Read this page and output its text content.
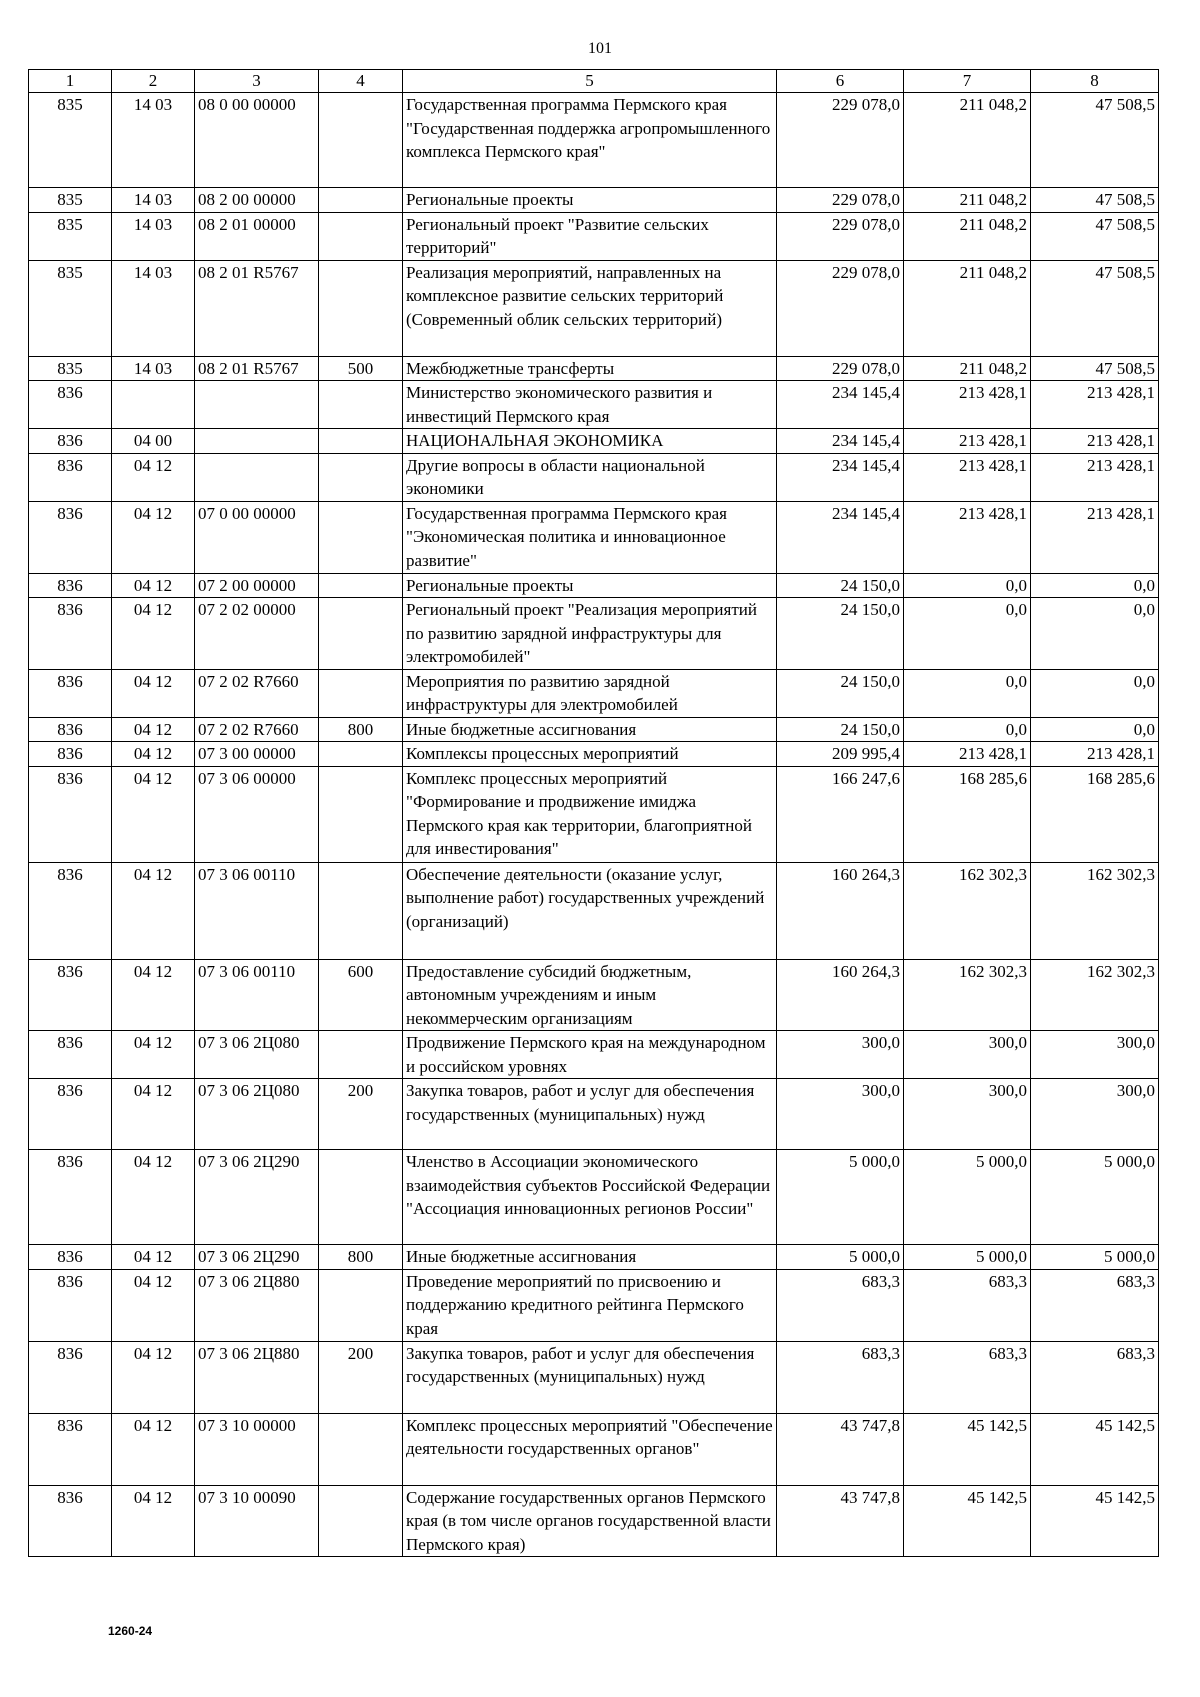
101
1	2	3	4	5	6	7	8
835	14 03	08 0 00 00000		Государственная программа Пермского края "Государственная поддержка агропромышленного комплекса Пермского края"	229 078,0	211 048,2	47 508,5
835	14 03	08 2 00 00000		Региональные проекты	229 078,0	211 048,2	47 508,5
835	14 03	08 2 01 00000		Региональный проект "Развитие сельских территорий"	229 078,0	211 048,2	47 508,5
835	14 03	08 2 01 R5767		Реализация мероприятий, направленных на комплексное развитие сельских территорий (Современный облик сельских территорий)	229 078,0	211 048,2	47 508,5
835	14 03	08 2 01 R5767	500	Межбюджетные трансферты	229 078,0	211 048,2	47 508,5
836				Министерство экономического развития и инвестиций Пермского края	234 145,4	213 428,1	213 428,1
836	04 00			НАЦИОНАЛЬНАЯ ЭКОНОМИКА	234 145,4	213 428,1	213 428,1
836	04 12			Другие вопросы в области национальной экономики	234 145,4	213 428,1	213 428,1
836	04 12	07 0 00 00000		Государственная программа Пермского края "Экономическая политика и инновационное развитие"	234 145,4	213 428,1	213 428,1
836	04 12	07 2 00 00000		Региональные проекты	24 150,0	0,0	0,0
836	04 12	07 2 02 00000		Региональный проект "Реализация мероприятий по развитию зарядной инфраструктуры для электромобилей"	24 150,0	0,0	0,0
836	04 12	07 2 02 R7660		Мероприятия по развитию зарядной инфраструктуры для электромобилей	24 150,0	0,0	0,0
836	04 12	07 2 02 R7660	800	Иные бюджетные ассигнования	24 150,0	0,0	0,0
836	04 12	07 3 00 00000		Комплексы процессных мероприятий	209 995,4	213 428,1	213 428,1
836	04 12	07 3 06 00000		Комплекс процессных мероприятий "Формирование и продвижение имиджа Пермского края как территории, благоприятной для инвестирования"	166 247,6	168 285,6	168 285,6
836	04 12	07 3 06 00110		Обеспечение деятельности (оказание услуг, выполнение работ) государственных учреждений (организаций)	160 264,3	162 302,3	162 302,3
836	04 12	07 3 06 00110	600	Предоставление субсидий бюджетным, автономным учреждениям и иным некоммерческим организациям	160 264,3	162 302,3	162 302,3
836	04 12	07 3 06 2Ц080		Продвижение Пермского края на международном и российском уровнях	300,0	300,0	300,0
836	04 12	07 3 06 2Ц080	200	Закупка товаров, работ и услуг для обеспечения государственных (муниципальных) нужд	300,0	300,0	300,0
836	04 12	07 3 06 2Ц290		Членство в Ассоциации экономического взаимодействия субъектов Российской Федерации "Ассоциация инновационных регионов России"	5 000,0	5 000,0	5 000,0
836	04 12	07 3 06 2Ц290	800	Иные бюджетные ассигнования	5 000,0	5 000,0	5 000,0
836	04 12	07 3 06 2Ц880		Проведение мероприятий по присвоению и поддержанию кредитного рейтинга Пермского края	683,3	683,3	683,3
836	04 12	07 3 06 2Ц880	200	Закупка товаров, работ и услуг для обеспечения государственных (муниципальных) нужд	683,3	683,3	683,3
836	04 12	07 3 10 00000		Комплекс процессных мероприятий "Обеспечение деятельности государственных органов"	43 747,8	45 142,5	45 142,5
836	04 12	07 3 10 00090		Содержание государственных органов Пермского края (в том числе органов государственной власти Пермского края)	43 747,8	45 142,5	45 142,5
1260-24
